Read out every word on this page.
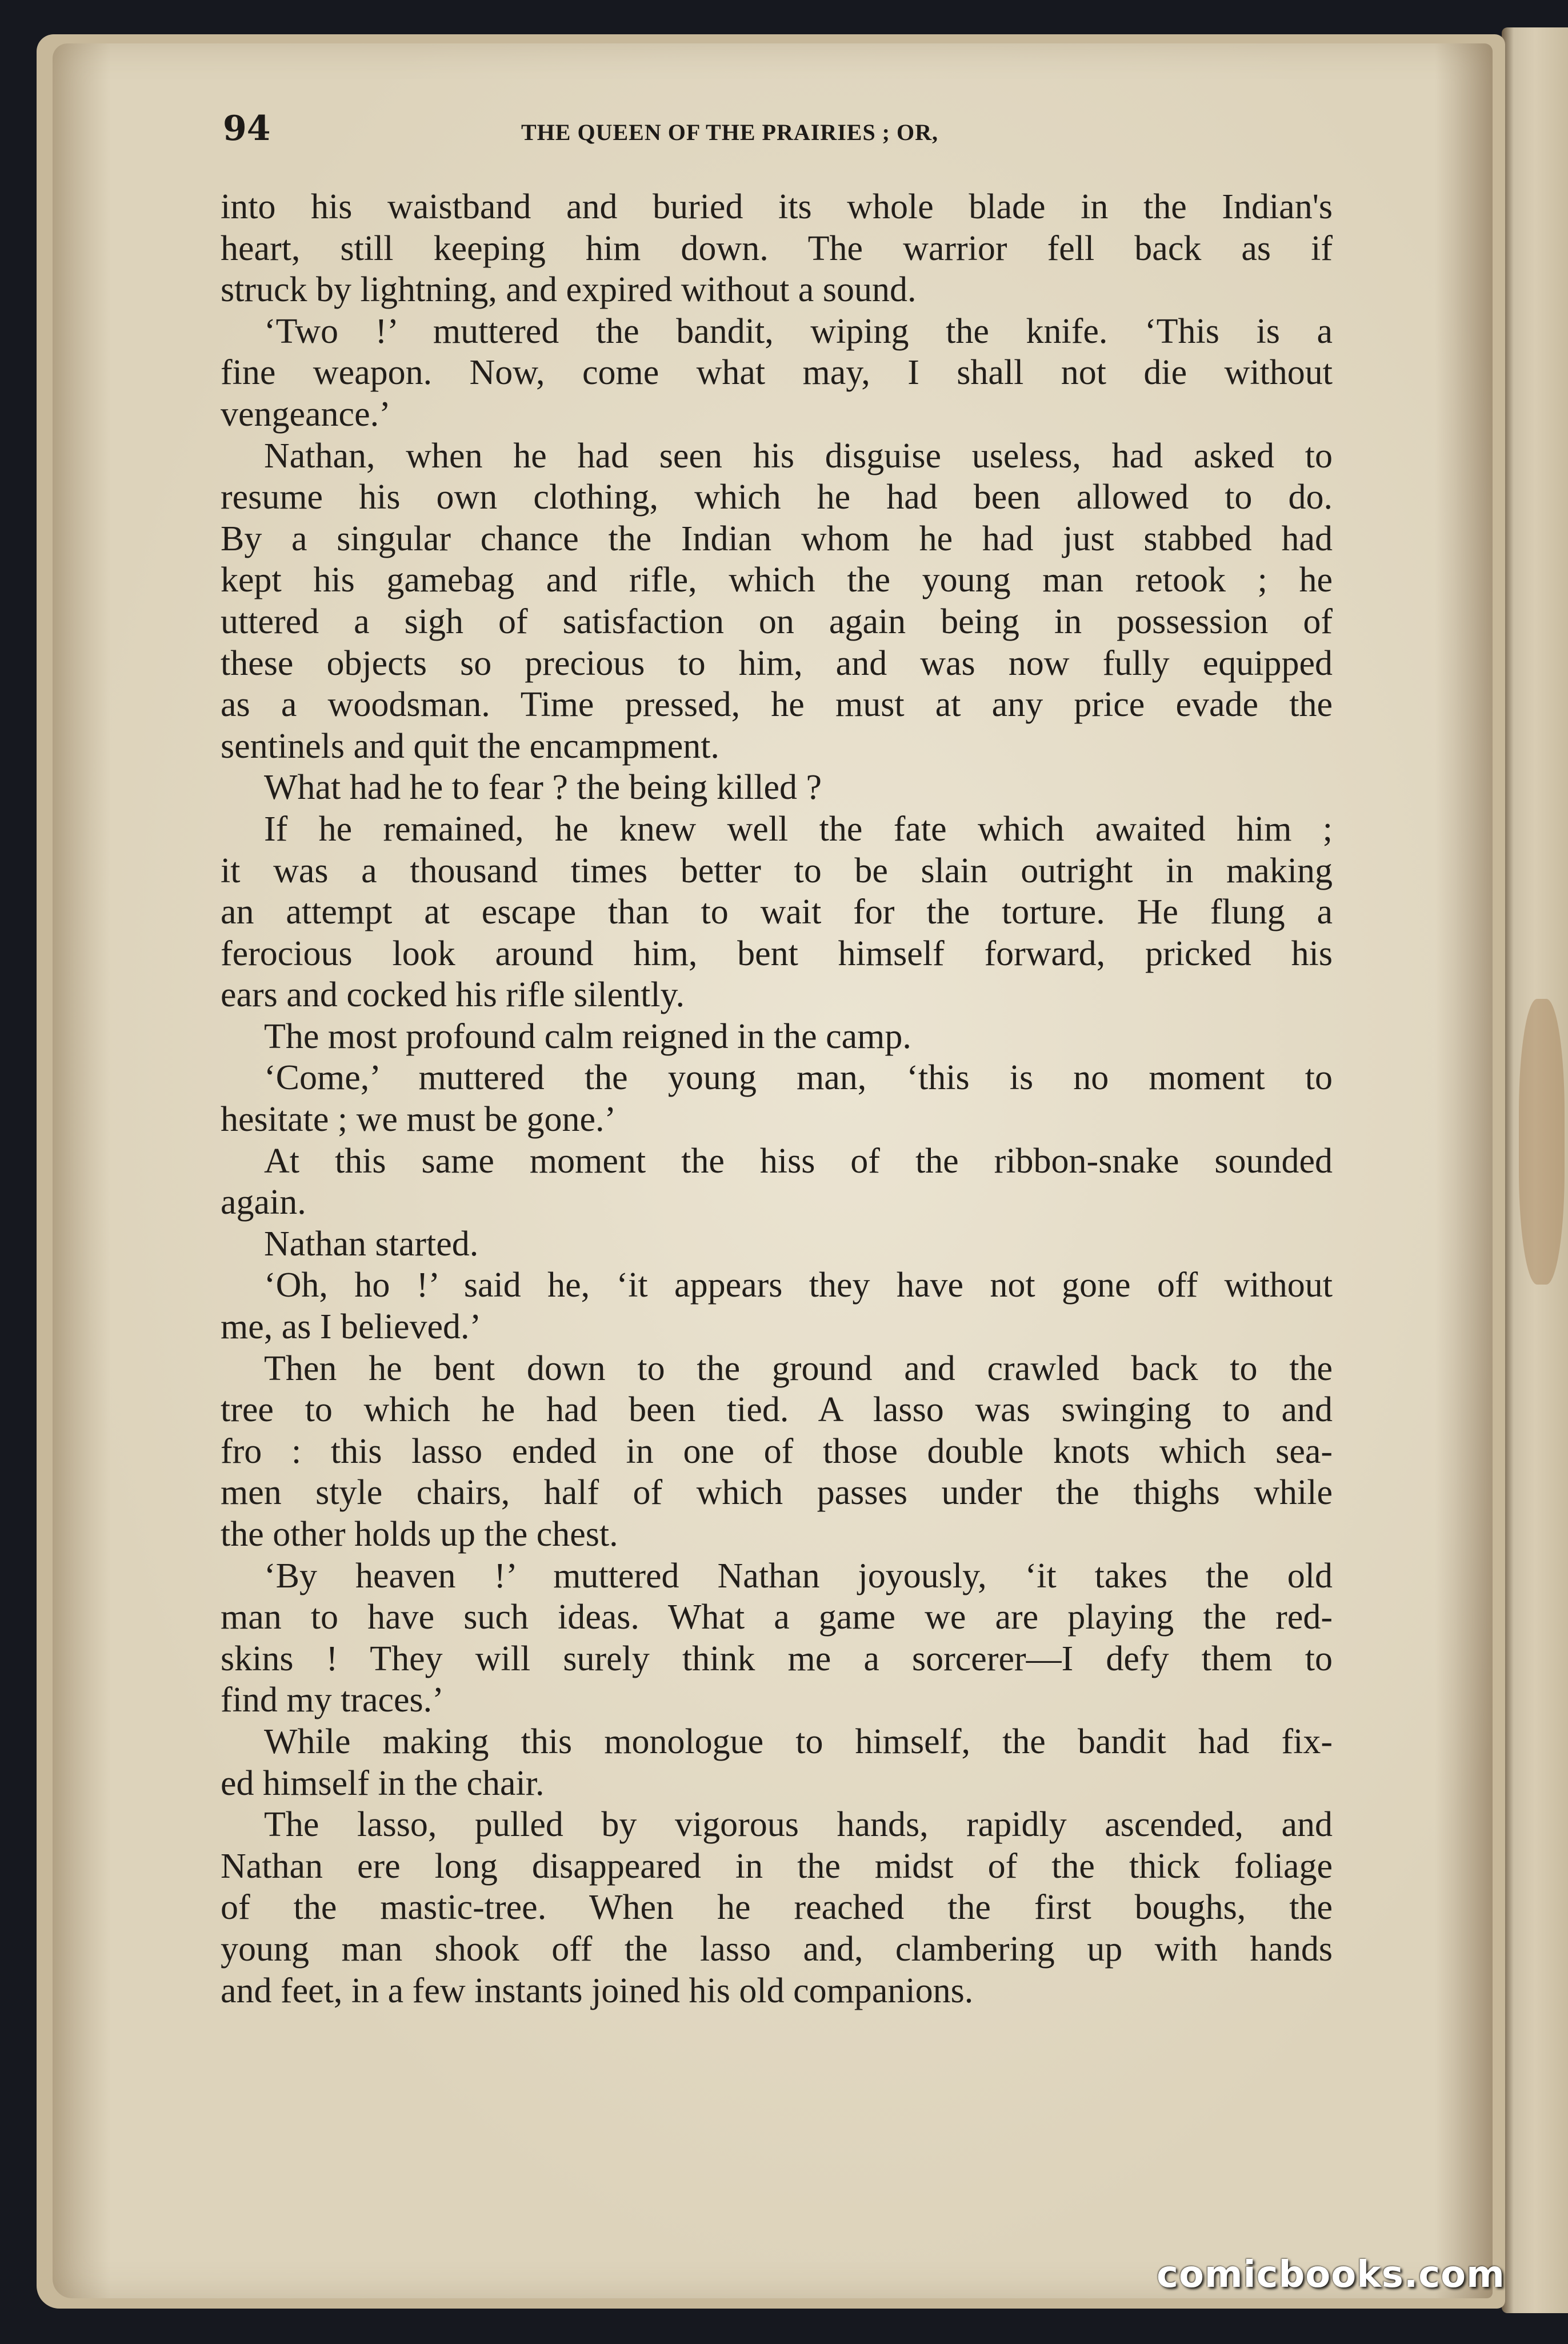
94	THE QUEEN OF THE PRAIRIES ; OR,

into his waistband and buried its whole blade in the Indian's
heart, still keeping him down. The warrior fell back as if
struck by lightning, and expired without a sound.
‘Two !’ muttered the bandit, wiping the knife. ‘This is a
fine weapon. Now, come what may, I shall not die without
vengeance.’
Nathan, when he had seen his disguise useless, had asked to
resume his own clothing, which he had been allowed to do.
By a singular chance the Indian whom he had just stabbed had
kept his gamebag and rifle, which the young man retook ; he
uttered a sigh of satisfaction on again being in possession of
these objects so precious to him, and was now fully equipped
as a woodsman. Time pressed, he must at any price evade the
sentinels and quit the encampment.
What had he to fear ? the being killed ?
If he remained, he knew well the fate which awaited him ;
it was a thousand times better to be slain outright in making
an attempt at escape than to wait for the torture. He flung a
ferocious look around him, bent himself forward, pricked his
ears and cocked his rifle silently.
The most profound calm reigned in the camp.
‘Come,’ muttered the young man, ‘this is no moment to
hesitate ; we must be gone.’
At this same moment the hiss of the ribbon-snake sounded
again.
Nathan started.
‘Oh, ho !’ said he, ‘it appears they have not gone off without
me, as I believed.’
Then he bent down to the ground and crawled back to the
tree to which he had been tied. A lasso was swinging to and
fro : this lasso ended in one of those double knots which sea-
men style chairs, half of which passes under the thighs while
the other holds up the chest.
‘By heaven !’ muttered Nathan joyously, ‘it takes the old
man to have such ideas. What a game we are playing the red-
skins ! They will surely think me a sorcerer—I defy them to
find my traces.’
While making this monologue to himself, the bandit had fix-
ed himself in the chair.
The lasso, pulled by vigorous hands, rapidly ascended, and
Nathan ere long disappeared in the midst of the thick foliage
of the mastic-tree. When he reached the first boughs, the
young man shook off the lasso and, clambering up with hands
and feet, in a few instants joined his old companions.
comicbooks.com
